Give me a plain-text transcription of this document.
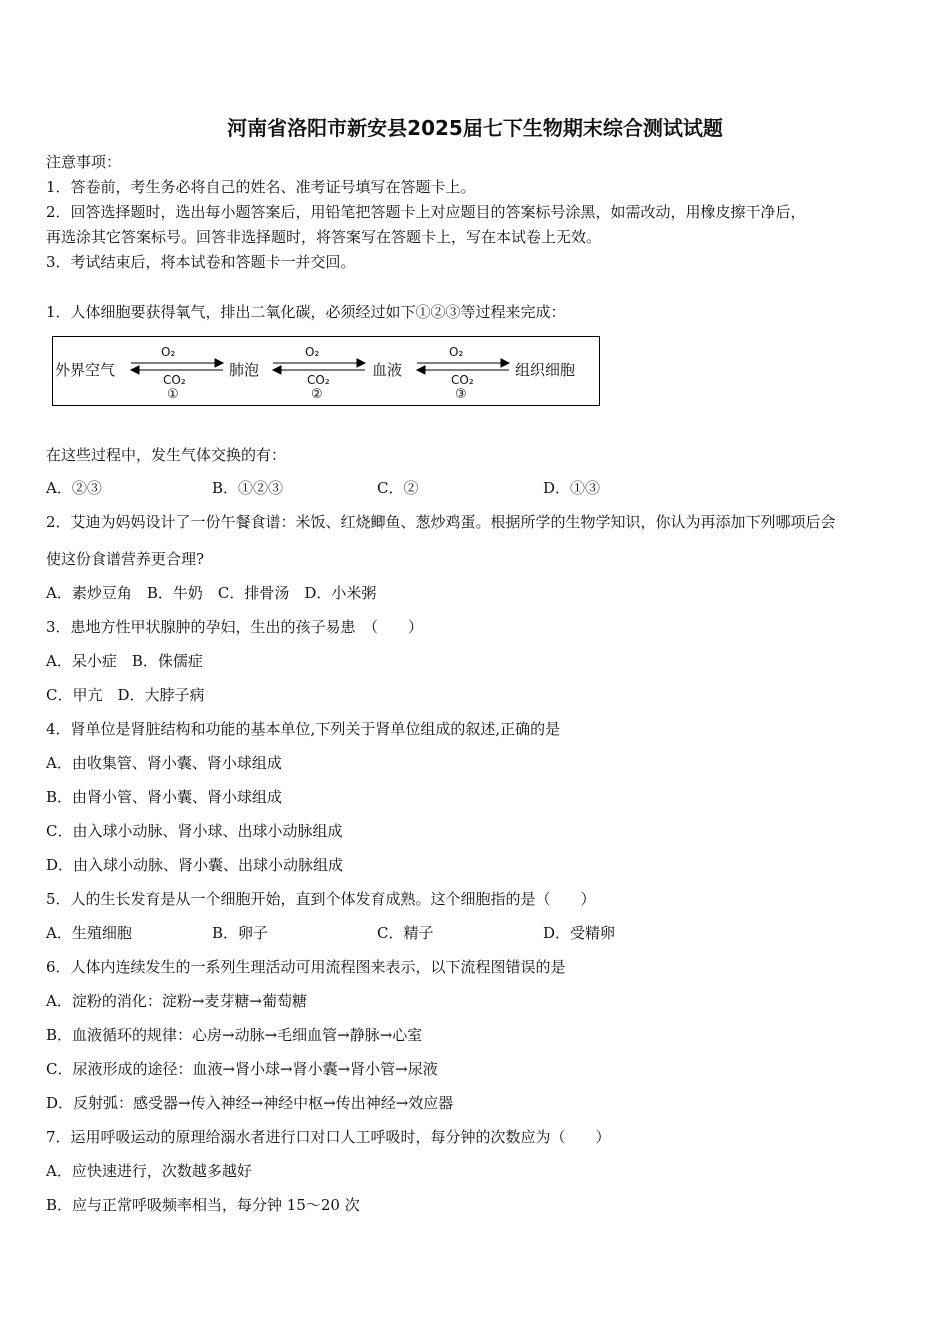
河南省洛阳市新安县2025届七下生物期末综合测试试题
注意事项：
1．答卷前，考生务必将自己的姓名、准考证号填写在答题卡上。
2．回答选择题时，选出每小题答案后，用铅笔把答题卡上对应题目的答案标号涂黑，如需改动，用橡皮擦干净后，
再选涂其它答案标号。回答非选择题时，将答案写在答题卡上，写在本试卷上无效。
3．考试结束后，将本试卷和答题卡一并交回。
1．人体细胞要获得氧气，排出二氧化碳，必须经过如下①②③等过程来完成：
外界空气	肺泡	血液	组织细胞
O₂	O₂	O₂
CO₂	CO₂	CO₂
①	②	③
在这些过程中，发生气体交换的有：
A．②③	B．①②③	C．②	D．①③
2．艾迪为妈妈设计了一份午餐食谱：米饭、红烧鲫鱼、葱炒鸡蛋。根据所学的生物学知识，你认为再添加下列哪项后会
使这份食谱营养更合理?
A．素炒豆角　B．牛奶　C．排骨汤　D．小米粥
3．患地方性甲状腺肿的孕妇，生出的孩子易患　（　　）
A．呆小症　B．侏儒症
C．甲亢　D．大脖子病
4．肾单位是肾脏结构和功能的基本单位,下列关于肾单位组成的叙述,正确的是
A．由收集管、肾小囊、肾小球组成
B．由肾小管、肾小囊、肾小球组成
C．由入球小动脉、肾小球、出球小动脉组成
D．由入球小动脉、肾小囊、出球小动脉组成
5．人的生长发育是从一个细胞开始，直到个体发育成熟。这个细胞指的是（　　）
A．生殖细胞	B．卵子	C．精子	D．受精卵
6．人体内连续发生的一系列生理活动可用流程图来表示，以下流程图错误的是
A．淀粉的消化：淀粉→麦芽糖→葡萄糖
B．血液循环的规律：心房→动脉→毛细血管→静脉→心室
C．尿液形成的途径：血液→肾小球→肾小囊→肾小管→尿液
D．反射弧：感受器→传入神经→神经中枢→传出神经→效应器
7．运用呼吸运动的原理给溺水者进行口对口人工呼吸时，每分钟的次数应为（　　）
A．应快速进行，次数越多越好
B．应与正常呼吸频率相当，每分钟 15～20 次
